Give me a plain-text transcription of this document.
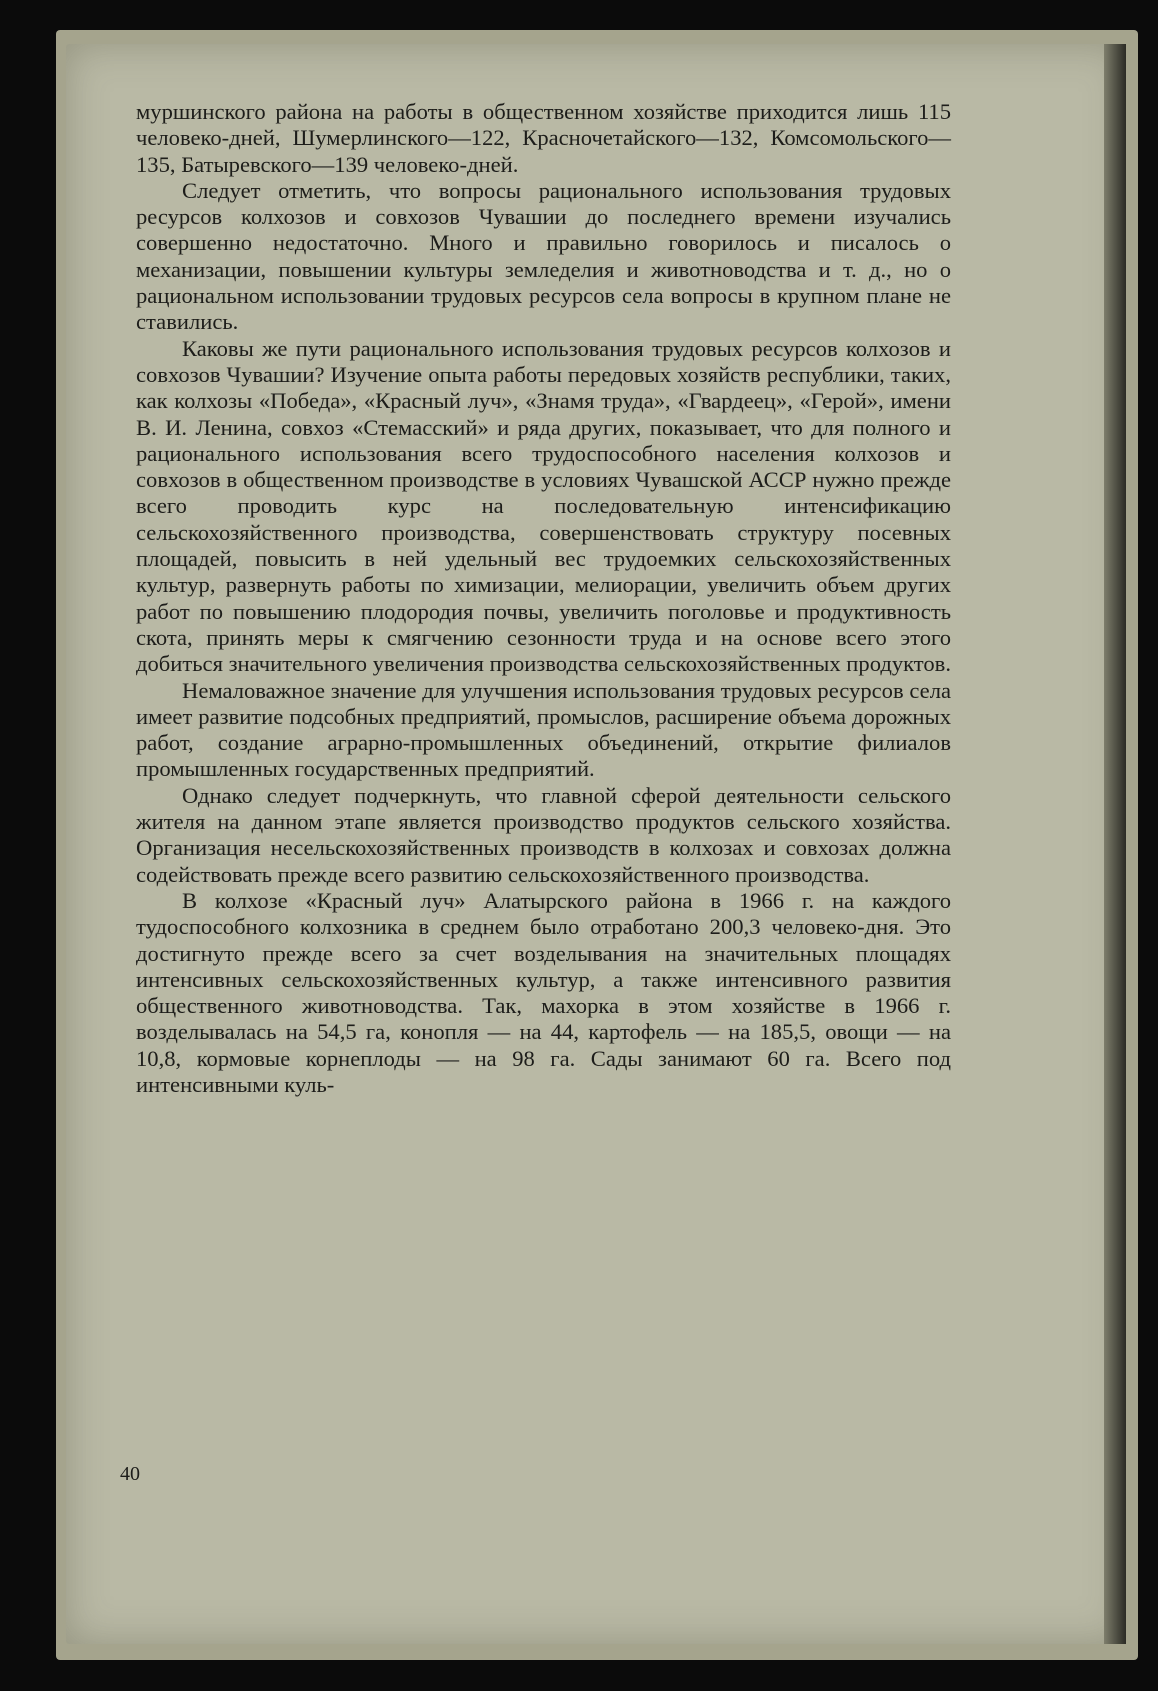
муршинского района на работы в общественном хозяйстве приходится лишь 115 человеко-дней, Шумерлинского—122, Красночетайского—132, Комсомольского—135, Батыревского—139 человеко-дней.

Следует отметить, что вопросы рационального использования трудовых ресурсов колхозов и совхозов Чувашии до последнего времени изучались совершенно недостаточно. Много и правильно говорилось и писалось о механизации, повышении культуры земледелия и животноводства и т. д., но о рациональном использовании трудовых ресурсов села вопросы в крупном плане не ставились.

Каковы же пути рационального использования трудовых ресурсов колхозов и совхозов Чувашии? Изучение опыта работы передовых хозяйств республики, таких, как колхозы «Победа», «Красный луч», «Знамя труда», «Гвардеец», «Герой», имени В. И. Ленина, совхоз «Стемасский» и ряда других, показывает, что для полного и рационального использования всего трудоспособного населения колхозов и совхозов в общественном производстве в условиях Чувашской АССР нужно прежде всего проводить курс на последовательную интенсификацию сельскохозяйственного производства, совершенствовать структуру посевных площадей, повысить в ней удельный вес трудоемких сельскохозяйственных культур, развернуть работы по химизации, мелиорации, увеличить объем других работ по повышению плодородия почвы, увеличить поголовье и продуктивность скота, принять меры к смягчению сезонности труда и на основе всего этого добиться значительного увеличения производства сельскохозяйственных продуктов.

Немаловажное значение для улучшения использования трудовых ресурсов села имеет развитие подсобных предприятий, промыслов, расширение объема дорожных работ, создание аграрно-промышленных объединений, открытие филиалов промышленных государственных предприятий.

Однако следует подчеркнуть, что главной сферой деятельности сельского жителя на данном этапе является производство продуктов сельского хозяйства. Организация несельскохозяйственных производств в колхозах и совхозах должна содействовать прежде всего развитию сельскохозяйственного производства.

В колхозе «Красный луч» Алатырского района в 1966 г. на каждого тудоспособного колхозника в среднем было отработано 200,3 человеко-дня. Это достигнуто прежде всего за счет возделывания на значительных площадях интенсивных сельскохозяйственных культур, а также интенсивного развития общественного животноводства. Так, махорка в этом хозяйстве в 1966 г. возделывалась на 54,5 га, конопля — на 44, картофель — на 185,5, овощи — на 10,8, кормовые корнеплоды — на 98 га. Сады занимают 60 га. Всего под интенсивными куль-

40
